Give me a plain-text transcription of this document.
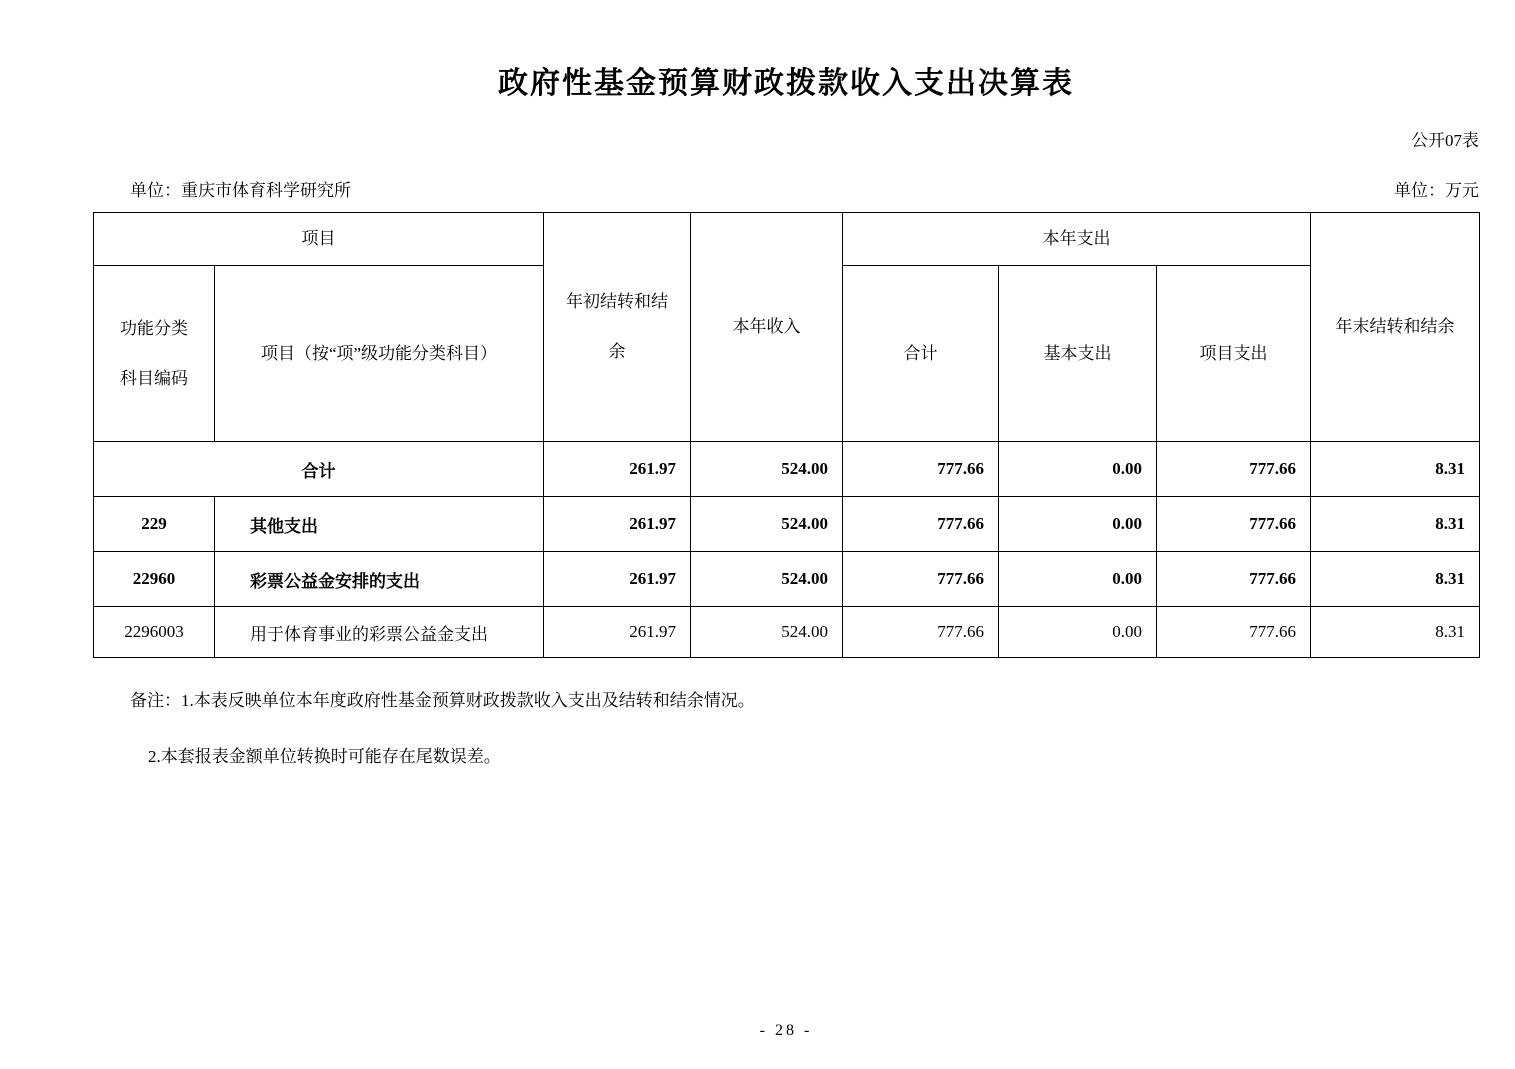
政府性基金预算财政拨款收入支出决算表
公开07表
单位：重庆市体育科学研究所	单位：万元
项目		年初结转和结余	本年收入	本年支出			年末结转和结余
功能分类科目编码	项目（按“项”级功能分类科目）			合计	基本支出	项目支出	
合计		261.97	524.00	777.66	0.00	777.66	8.31
229	其他支出	261.97	524.00	777.66	0.00	777.66	8.31
22960	彩票公益金安排的支出	261.97	524.00	777.66	0.00	777.66	8.31
2296003	用于体育事业的彩票公益金支出	261.97	524.00	777.66	0.00	777.66	8.31
备注：1.本表反映单位本年度政府性基金预算财政拨款收入支出及结转和结余情况。
2.本套报表金额单位转换时可能存在尾数误差。
- 28 -
